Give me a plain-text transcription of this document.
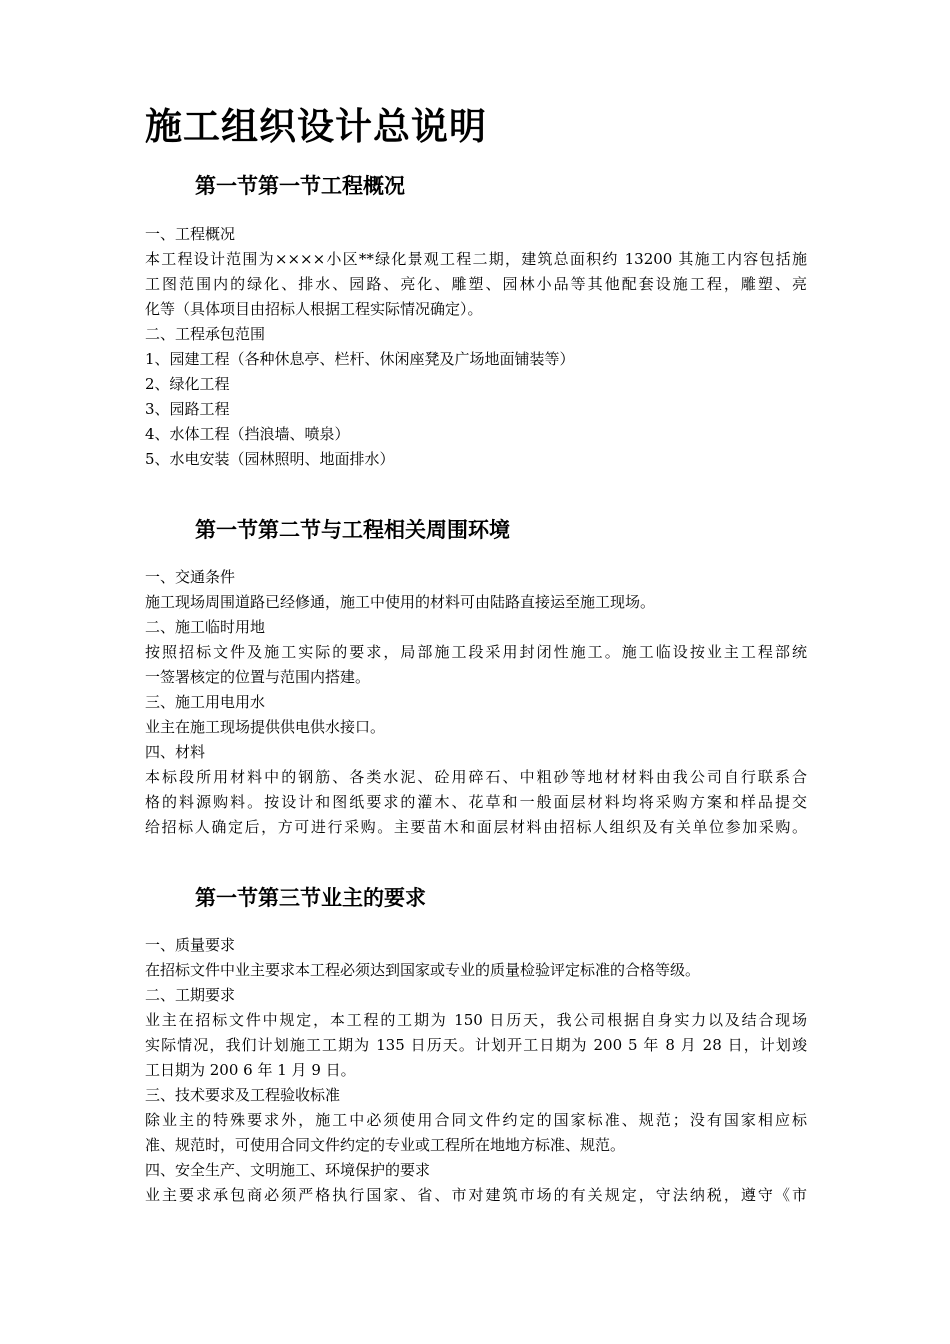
施工组织设计总说明
第一节第一节工程概况
一、工程概况
本工程设计范围为××××小区**绿化景观工程二期，建筑总面积约 13200 其施工内容包括施
工图范围内的绿化、排水、园路、亮化、雕塑、园林小品等其他配套设施工程，雕塑、亮
化等（具体项目由招标人根据工程实际情况确定）。
二、工程承包范围
1、园建工程（各种休息亭、栏杆、休闲座凳及广场地面铺装等）
2、绿化工程
3、园路工程
4、水体工程（挡浪墙、喷泉）
5、水电安装（园林照明、地面排水）
第一节第二节与工程相关周围环境
一、交通条件
施工现场周围道路已经修通，施工中使用的材料可由陆路直接运至施工现场。
二、施工临时用地
按照招标文件及施工实际的要求，局部施工段采用封闭性施工。施工临设按业主工程部统
一签署核定的位置与范围内搭建。
三、施工用电用水
业主在施工现场提供供电供水接口。
四、材料
本标段所用材料中的钢筋、各类水泥、砼用碎石、中粗砂等地材材料由我公司自行联系合
格的料源购料。按设计和图纸要求的灌木、花草和一般面层材料均将采购方案和样品提交
给招标人确定后，方可进行采购。主要苗木和面层材料由招标人组织及有关单位参加采购。
第一节第三节业主的要求
一、质量要求
在招标文件中业主要求本工程必须达到国家或专业的质量检验评定标准的合格等级。
二、工期要求
业主在招标文件中规定，本工程的工期为 150 日历天，我公司根据自身实力以及结合现场
实际情况，我们计划施工工期为 135 日历天。计划开工日期为 200 5 年 8 月 28 日，计划竣
工日期为 200 6 年 1 月 9 日。
三、技术要求及工程验收标准
除业主的特殊要求外，施工中必须使用合同文件约定的国家标准、规范；没有国家相应标
准、规范时，可使用合同文件约定的专业或工程所在地地方标准、规范。
四、安全生产、文明施工、环境保护的要求
业主要求承包商必须严格执行国家、省、市对建筑市场的有关规定，守法纳税，遵守《市
